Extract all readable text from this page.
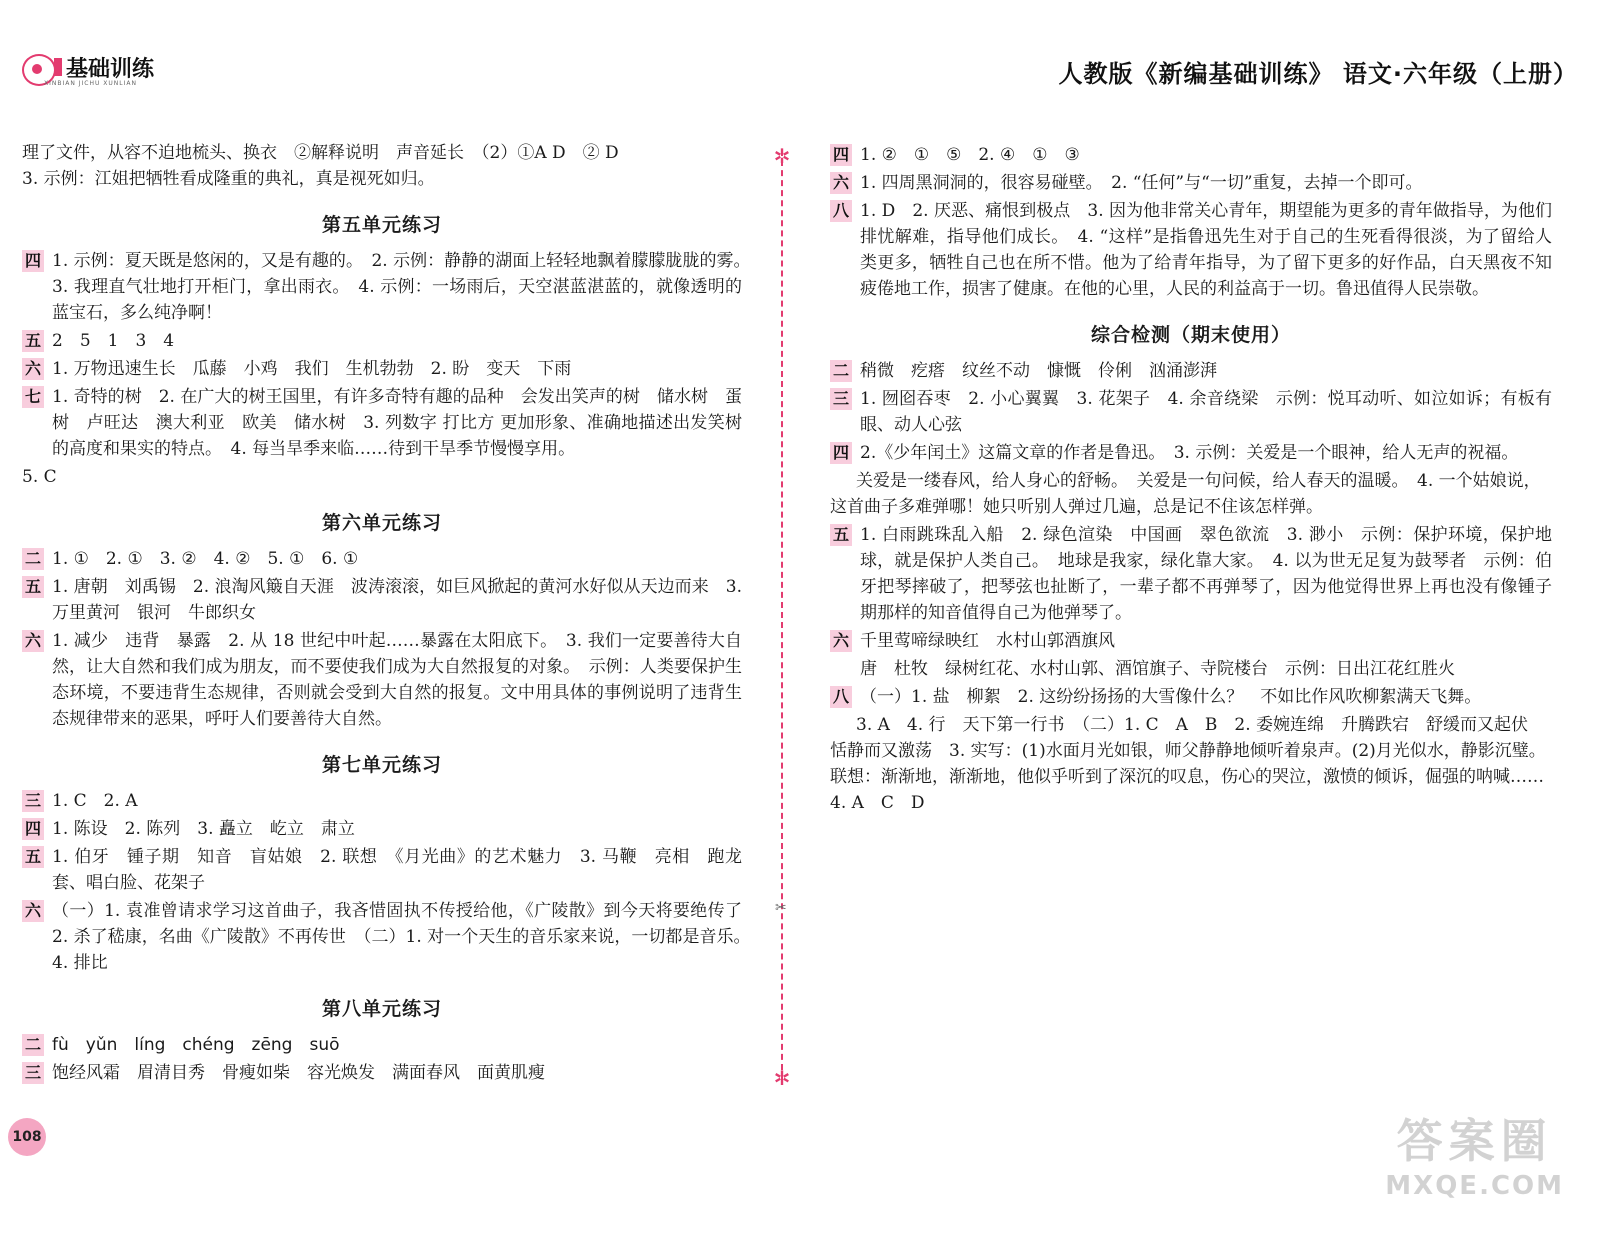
基础训练
XINBIAN JICHU XUNLIAN	人教版《新编基础训练》 语文·六年级（上册）

理了文件，从容不迫地梳头、换衣　②解释说明　声音延长　（2）①A D　② D

3. 示例：江姐把牺牲看成隆重的典礼，真是视死如归。

第五单元练习
四 1. 示例：夏天既是悠闲的，又是有趣的。　2. 示例：静静的湖面上轻轻地飘着朦朦胧胧的雾。　3. 我理直气壮地打开柜门，拿出雨衣。　4. 示例：一场雨后，天空湛蓝湛蓝的，就像透明的蓝宝石，多么纯净啊！
五 2　5　1　3　4
六 1. 万物迅速生长　瓜藤　小鸡　我们　生机勃勃　2. 盼　变天　下雨
七 1. 奇特的树　2. 在广大的树王国里，有许多奇特有趣的品种　会发出笑声的树　储水树　蛋树　卢旺达　澳大利亚　欧美　储水树　3. 列数字 打比方 更加形象、准确地描述出发笑树的高度和果实的特点。　4. 每当旱季来临……待到干旱季节慢慢享用。

5. C

第六单元练习
二 1. ①　2. ①　3. ②　4. ②　5. ①　6. ①
五 1. 唐朝　刘禹锡　2. 浪淘风簸自天涯　波涛滚滚，如巨风掀起的黄河水好似从天边而来　3. 万里黄河　银河　牛郎织女
六 1. 减少　违背　暴露　2. 从 18 世纪中叶起……暴露在太阳底下。　3. 我们一定要善待大自然，让大自然和我们成为朋友，而不要使我们成为大自然报复的对象。　示例：人类要保护生态环境，不要违背生态规律，否则就会受到大自然的报复。文中用具体的事例说明了违背生态规律带来的恶果，呼吁人们要善待大自然。
第七单元练习
三 1. C　2. A
四 1. 陈设　2. 陈列　3. 矗立　屹立　肃立
五 1. 伯牙　锺子期　知音　盲姑娘　2. 联想　《月光曲》的艺术魅力　3. 马鞭　亮相　跑龙套、唱白脸、花架子
六 （一）1. 袁准曾请求学习这首曲子，我吝惜固执不传授给他，《广陵散》到今天将要绝传了　2. 杀了嵇康，名曲《广陵散》不再传世　（二）1. 对一个天生的音乐家来说，一切都是音乐。　4. 排比
第八单元练习
二 fù　yǔn　líng　chéng　zēng　suō
三 饱经风霜　眉清目秀　骨瘦如柴　容光焕发　满面春风　面黄肌瘦
✲
✲
✂
四 1. ②　①　⑤　2. ④　①　③
六 1. 四周黑洞洞的，很容易碰壁。　2. “任何”与“一切”重复，去掉一个即可。
八 1. D　2. 厌恶、痛恨到极点　3. 因为他非常关心青年，期望能为更多的青年做指导，为他们排忧解难，指导他们成长。　4. “这样”是指鲁迅先生对于自己的生死看得很淡，为了留给人类更多，牺牲自己也在所不惜。他为了给青年指导，为了留下更多的好作品，白天黑夜不知疲倦地工作，损害了健康。在他的心里，人民的利益高于一切。鲁迅值得人民崇敬。
综合检测（期末使用）
二 稍微　疙瘩　纹丝不动　慷慨　伶俐　汹涌澎湃
三 1. 囫囵吞枣　2. 小心翼翼　3. 花架子　4. 余音绕梁　示例：悦耳动听、如泣如诉；有板有眼、动人心弦
四 2.《少年闰土》这篇文章的作者是鲁迅。　3. 示例：关爱是一个眼神，给人无声的祝福。

关爱是一缕春风，给人身心的舒畅。　关爱是一句问候，给人春天的温暖。　4. 一个姑娘说，这首曲子多难弹哪！她只听别人弹过几遍，总是记不住该怎样弹。

五 1. 白雨跳珠乱入船　2. 绿色渲染　中国画　翠色欲流　3. 渺小　示例：保护环境，保护地球，就是保护人类自己。　地球是我家，绿化靠大家。　4. 以为世无足复为鼓琴者　示例：伯牙把琴摔破了，把琴弦也扯断了，一辈子都不再弹琴了，因为他觉得世界上再也没有像锺子期那样的知音值得自己为他弹琴了。
六 千里莺啼绿映红　水村山郭酒旗风

唐　杜牧　绿树红花、水村山郭、酒馆旗子、寺院楼台　示例：日出江花红胜火

八 （一）1. 盐　柳絮　2. 这纷纷扬扬的大雪像什么？　不如比作风吹柳絮满天飞舞。

3. A　4. 行　天下第一行书　（二）1. C　A　B　2. 委婉连绵　升腾跌宕　舒缓而又起伏　恬静而又激荡　3. 实写：(1)水面月光如银，师父静静地倾听着泉声。(2)月光似水，静影沉璧。　联想：渐渐地，渐渐地，他似乎听到了深沉的叹息，伤心的哭泣，激愤的倾诉，倔强的呐喊……　4. A　C　D

108	答案圈
MXQE.COM
